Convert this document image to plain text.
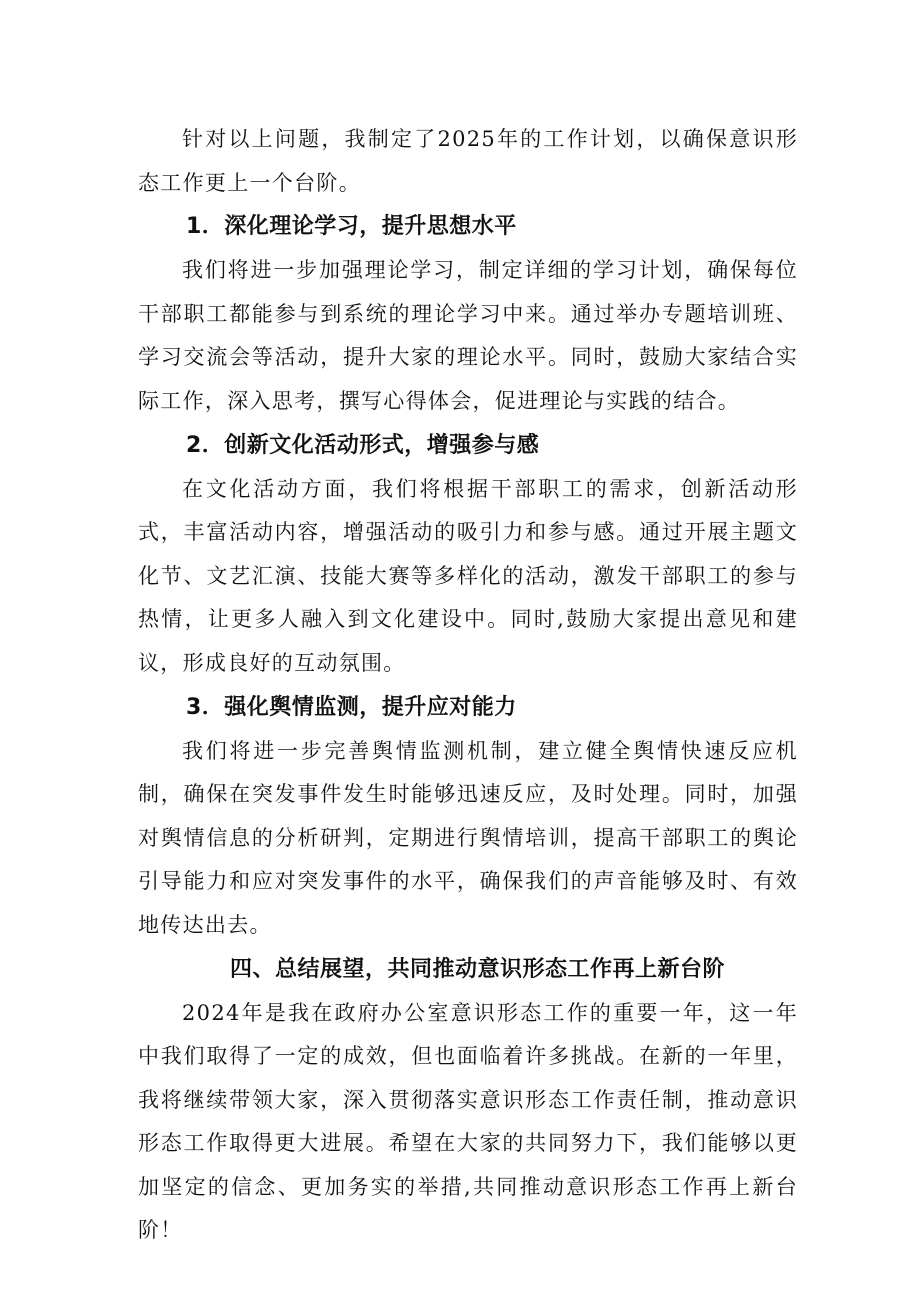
针对以上问题，我制定了2025年的工作计划，以确保意识形态工作更上一个台阶。

1．深化理论学习，提升思想水平

我们将进一步加强理论学习，制定详细的学习计划，确保每位干部职工都能参与到系统的理论学习中来。通过举办专题培训班、学习交流会等活动，提升大家的理论水平。同时，鼓励大家结合实际工作，深入思考，撰写心得体会，促进理论与实践的结合。

2．创新文化活动形式，增强参与感

在文化活动方面，我们将根据干部职工的需求，创新活动形式，丰富活动内容，增强活动的吸引力和参与感。通过开展主题文化节、文艺汇演、技能大赛等多样化的活动，激发干部职工的参与热情，让更多人融入到文化建设中。同时,鼓励大家提出意见和建议，形成良好的互动氛围。

3．强化舆情监测，提升应对能力

我们将进一步完善舆情监测机制，建立健全舆情快速反应机制，确保在突发事件发生时能够迅速反应，及时处理。同时，加强对舆情信息的分析研判，定期进行舆情培训，提高干部职工的舆论引导能力和应对突发事件的水平，确保我们的声音能够及时、有效地传达出去。

四、总结展望，共同推动意识形态工作再上新台阶

2024年是我在政府办公室意识形态工作的重要一年，这一年中我们取得了一定的成效，但也面临着许多挑战。在新的一年里，我将继续带领大家，深入贯彻落实意识形态工作责任制，推动意识形态工作取得更大进展。希望在大家的共同努力下，我们能够以更加坚定的信念、更加务实的举措,共同推动意识形态工作再上新台阶！
